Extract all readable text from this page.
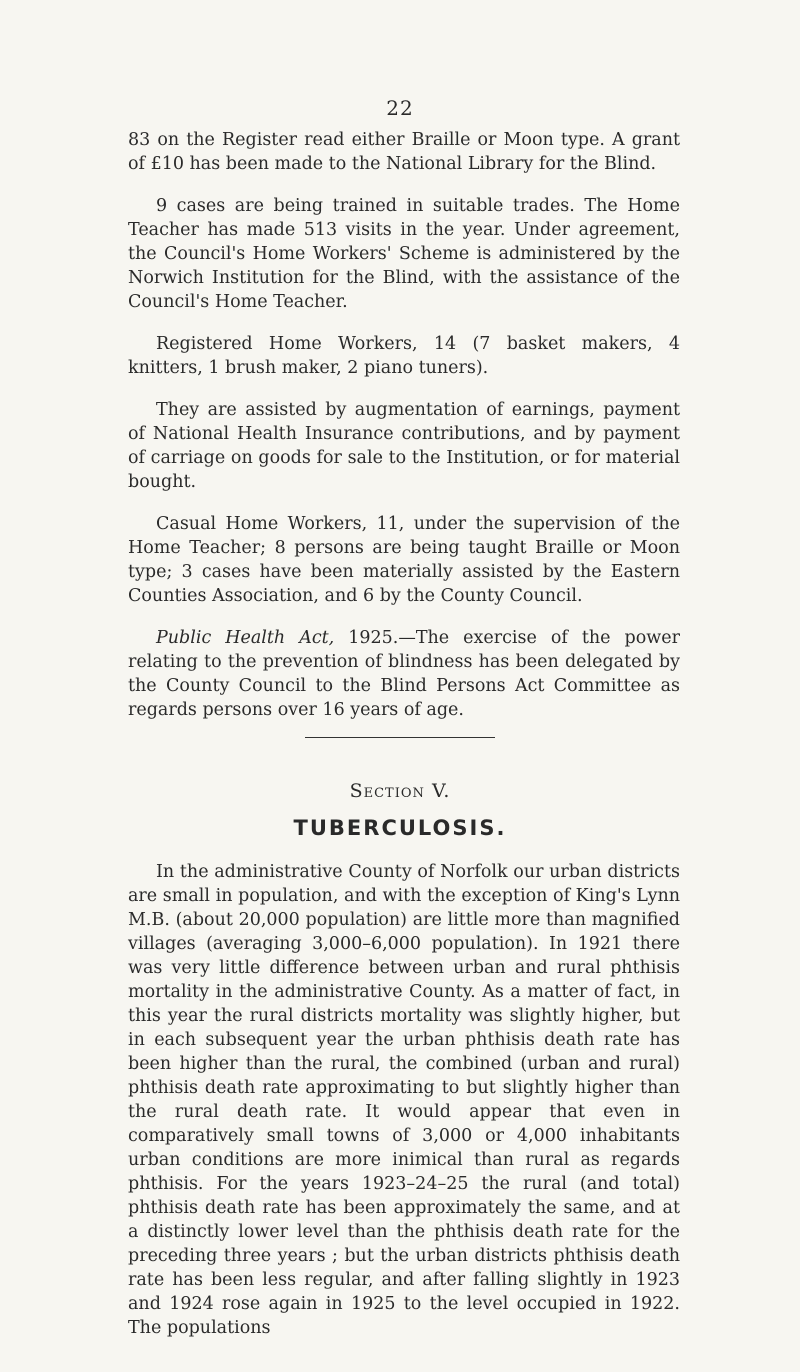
22

83 on the Register read either Braille or Moon type. A grant of £10 has been made to the National Library for the Blind.

9 cases are being trained in suitable trades. The Home Teacher has made 513 visits in the year. Under agreement, the Council's Home Workers' Scheme is administered by the Norwich Institution for the Blind, with the assistance of the Council's Home Teacher.

Registered Home Workers, 14 (7 basket makers, 4 knitters, 1 brush maker, 2 piano tuners).

They are assisted by augmentation of earnings, payment of National Health Insurance contributions, and by payment of carriage on goods for sale to the Institution, or for material bought.

Casual Home Workers, 11, under the supervision of the Home Teacher; 8 persons are being taught Braille or Moon type; 3 cases have been materially assisted by the Eastern Counties Association, and 6 by the County Council.

Public Health Act, 1925.—The exercise of the power relating to the prevention of blindness has been delegated by the County Council to the Blind Persons Act Committee as regards persons over 16 years of age.

Section V.
TUBERCULOSIS.

In the administrative County of Norfolk our urban districts are small in population, and with the exception of King's Lynn M.B. (about 20,000 population) are little more than magnified villages (averaging 3,000–6,000 population). In 1921 there was very little difference between urban and rural phthisis mortality in the administrative County. As a matter of fact, in this year the rural districts mortality was slightly higher, but in each subsequent year the urban phthisis death rate has been higher than the rural, the combined (urban and rural) phthisis death rate approximating to but slightly higher than the rural death rate. It would appear that even in comparatively small towns of 3,000 or 4,000 inhabitants urban conditions are more inimical than rural as regards phthisis. For the years 1923–24–25 the rural (and total) phthisis death rate has been approximately the same, and at a distinctly lower level than the phthisis death rate for the preceding three years ; but the urban districts phthisis death rate has been less regular, and after falling slightly in 1923 and 1924 rose again in 1925 to the level occupied in 1922. The populations
